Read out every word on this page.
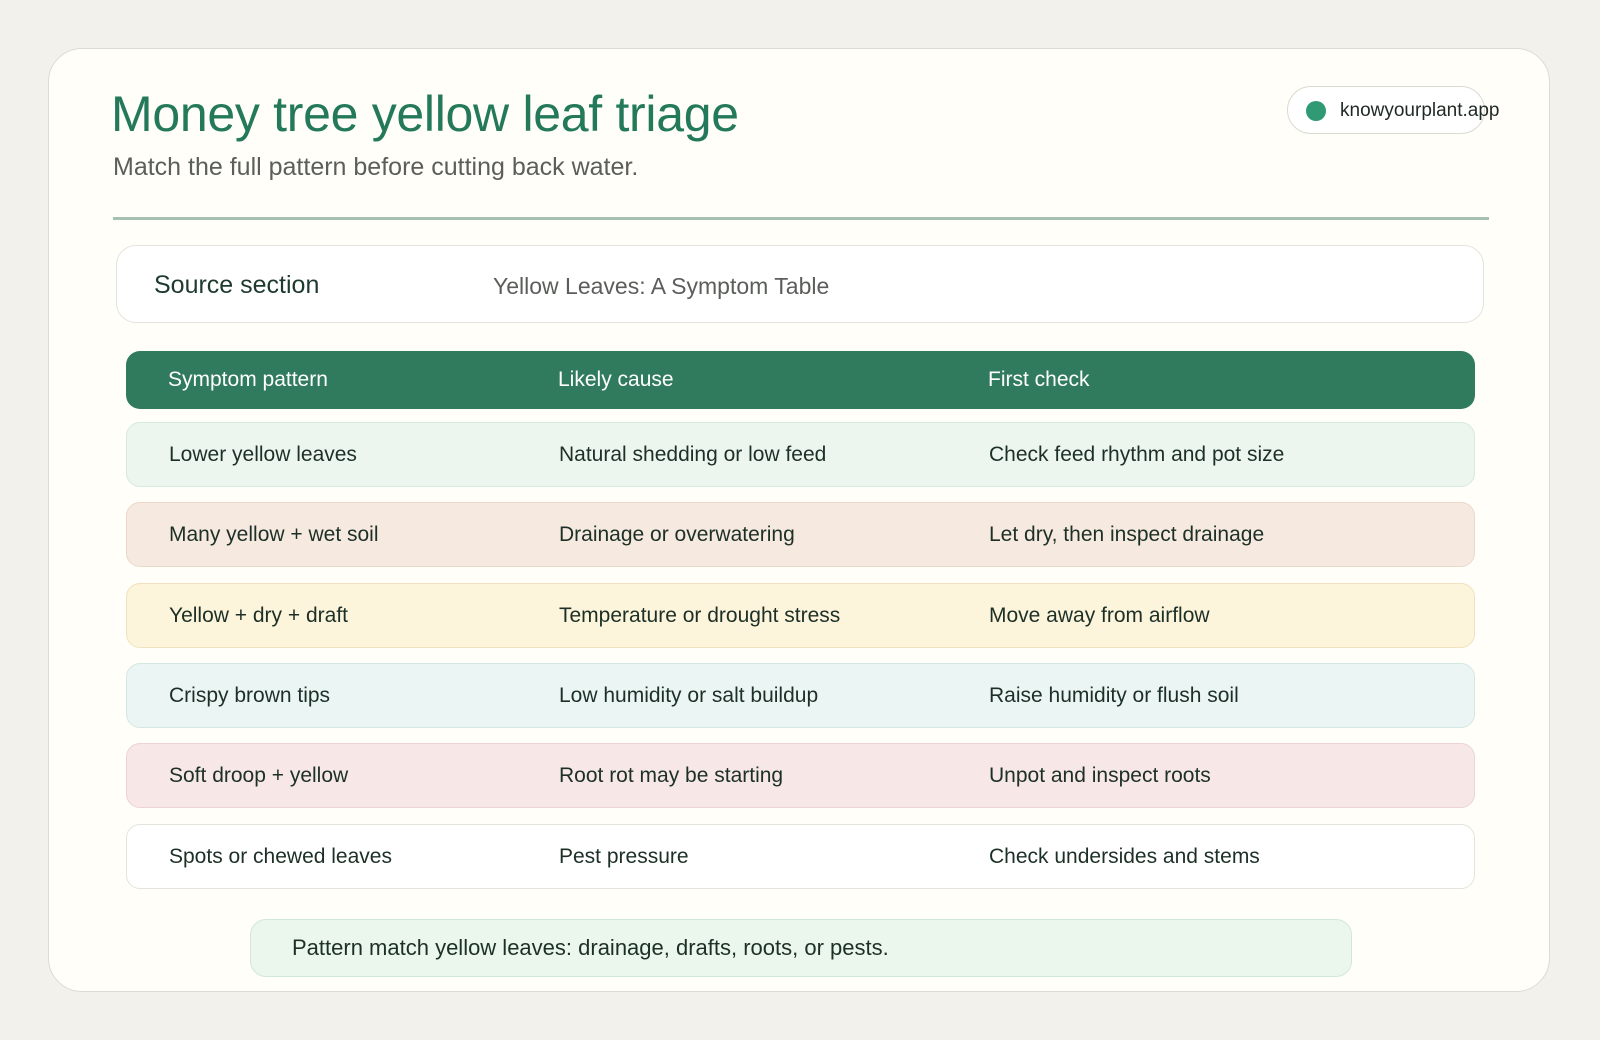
Money tree yellow leaf triage

Match the full pattern before cutting back water.

knowyourplant.app
Source section	Yellow Leaves: A Symptom Table
Symptom pattern	Likely cause	First check
Lower yellow leaves	Natural shedding or low feed	Check feed rhythm and pot size
Many yellow + wet soil	Drainage or overwatering	Let dry, then inspect drainage
Yellow + dry + draft	Temperature or drought stress	Move away from airflow
Crispy brown tips	Low humidity or salt buildup	Raise humidity or flush soil
Soft droop + yellow	Root rot may be starting	Unpot and inspect roots
Spots or chewed leaves	Pest pressure	Check undersides and stems
Pattern match yellow leaves: drainage, drafts, roots, or pests.
